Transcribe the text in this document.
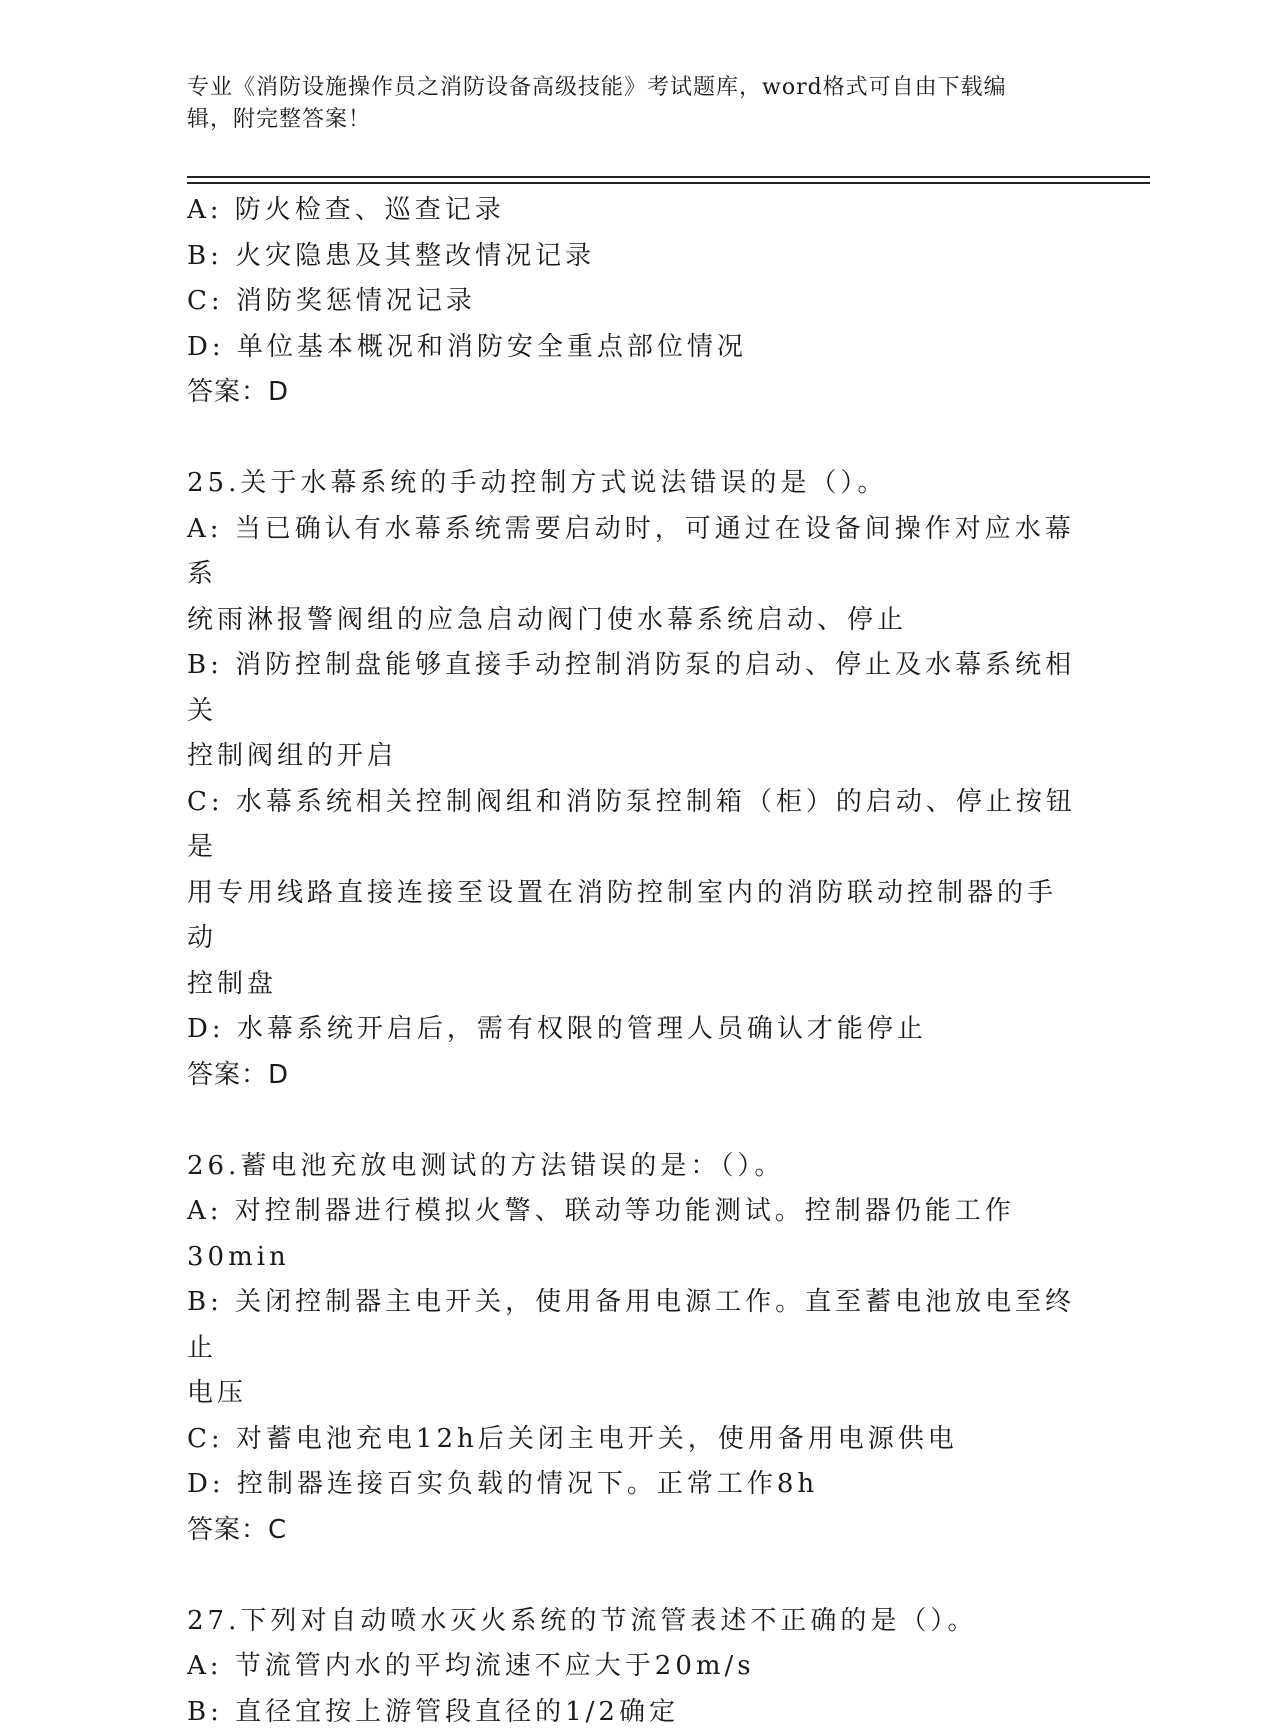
专业《消防设施操作员之消防设备高级技能》考试题库，word格式可自由下载编
辑，附完整答案！
A: 防火检查、巡查记录
B: 火灾隐患及其整改情况记录
C: 消防奖惩情况记录
D: 单位基本概况和消防安全重点部位情况
答案：D
25.关于水幕系统的手动控制方式说法错误的是（）。
A: 当已确认有水幕系统需要启动时，可通过在设备间操作对应水幕系
统雨淋报警阀组的应急启动阀门使水幕系统启动、停止
B: 消防控制盘能够直接手动控制消防泵的启动、停止及水幕系统相关
控制阀组的开启
C: 水幕系统相关控制阀组和消防泵控制箱（柜）的启动、停止按钮是
用专用线路直接连接至设置在消防控制室内的消防联动控制器的手动
控制盘
D: 水幕系统开启后，需有权限的管理人员确认才能停止
答案：D
26.蓄电池充放电测试的方法错误的是：（）。
A: 对控制器进行模拟火警、联动等功能测试。控制器仍能工作30min
B: 关闭控制器主电开关，使用备用电源工作。直至蓄电池放电至终止
电压
C: 对蓄电池充电12h后关闭主电开关，使用备用电源供电
D: 控制器连接百实负载的情况下。正常工作8h
答案：C
27.下列对自动喷水灭火系统的节流管表述不正确的是（）。
A: 节流管内水的平均流速不应大于20m/s
B: 直径宜按上游管段直径的1/2确定
